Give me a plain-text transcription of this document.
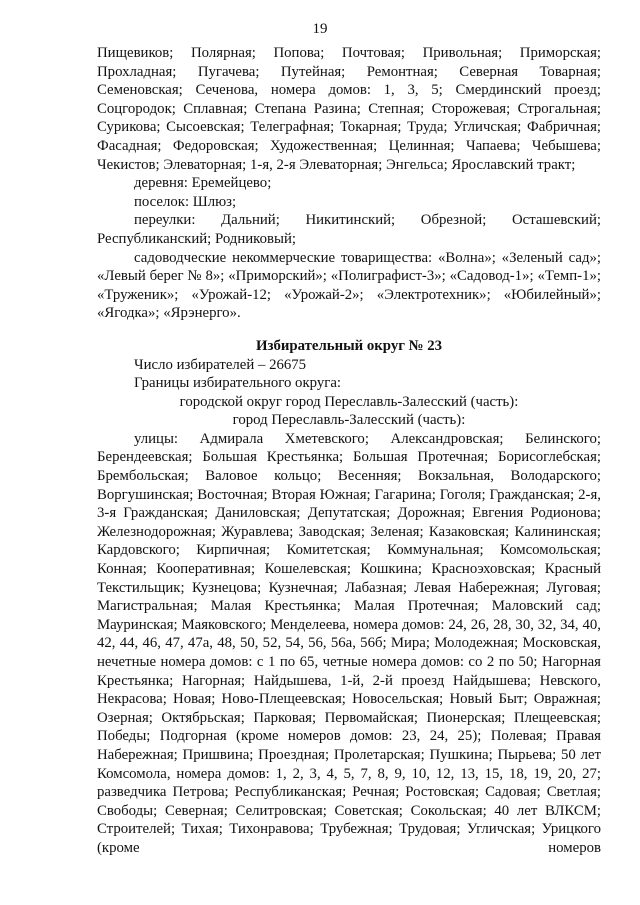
19

Пищевиков; Полярная; Попова; Почтовая; Привольная; Приморская; Прохладная; Пугачева; Путейная; Ремонтная; Северная Товарная; Семеновская; Сеченова, номера домов: 1, 3, 5; Смердинский проезд; Соцгородок; Сплавная; Степана Разина; Степная; Сторожевая; Строгальная; Сурикова; Сысоевская; Телеграфная; Токарная; Труда; Угличская; Фабричная; Фасадная; Федоровская; Художественная; Целинная; Чапаева; Чебышева; Чекистов; Элеваторная; 1-я, 2-я Элеваторная; Энгельса; Ярославский тракт;

деревня: Еремейцево;

поселок: Шлюз;

переулки: Дальний; Никитинский; Обрезной; Осташевский; Республиканский; Родниковый;

садоводческие некоммерческие товарищества: «Волна»; «Зеленый сад»; «Левый берег № 8»; «Приморский»; «Полиграфист-3»; «Садовод-1»; «Темп-1»; «Труженик»; «Урожай-12; «Урожай-2»; «Электротехник»; «Юбилейный»; «Ягодка»; «Ярэнерго».

Избирательный округ № 23

Число избирателей – 26675

Границы избирательного округа:

городской округ город Переславль-Залесский (часть):

город Переславль-Залесский (часть):

улицы: Адмирала Хметевского; Александровская; Белинского; Берендеевская; Большая Крестьянка; Большая Протечная; Борисоглебская; Брембольская; Валовое кольцо; Весенняя; Вокзальная, Володарского; Воргушинская; Восточная; Вторая Южная; Гагарина; Гоголя; Гражданская; 2-я, 3-я Гражданская; Даниловская; Депутатская; Дорожная; Евгения Родионова; Железнодорожная; Журавлева; Заводская; Зеленая; Казаковская; Калининская; Кардовского; Кирпичная; Комитетская; Коммунальная; Комсомольская; Конная; Кооперативная; Кошелевская; Кошкина; Красноэховская; Красный Текстильщик; Кузнецова; Кузнечная; Лабазная; Левая Набережная; Луговая; Магистральная; Малая Крестьянка; Малая Протечная; Маловский сад; Мауринская; Маяковского; Менделеева, номера домов: 24, 26, 28, 30, 32, 34, 40, 42, 44, 46, 47, 47а, 48, 50, 52, 54, 56, 56а, 56б; Мира; Молодежная; Московская, нечетные номера домов: с 1 по 65, четные номера домов: со 2 по 50; Нагорная Крестьянка; Нагорная; Найдышева, 1-й, 2-й проезд Найдышева; Невского, Некрасова; Новая; Ново-Плещеевская; Новосельская; Новый Быт; Овражная; Озерная; Октябрьская; Парковая; Первомайская; Пионерская; Плещеевская; Победы; Подгорная (кроме номеров домов: 23, 24, 25); Полевая; Правая Набережная; Пришвина; Проездная; Пролетарская; Пушкина; Пырьева; 50 лет Комсомола, номера домов: 1, 2, 3, 4, 5, 7, 8, 9, 10, 12, 13, 15, 18, 19, 20, 27; разведчика Петрова; Республиканская; Речная; Ростовская; Садовая; Светлая; Свободы; Северная; Селитровская; Советская; Сокольская; 40 лет ВЛКСМ; Строителей; Тихая; Тихонравова; Трубежная; Трудовая; Угличская; Урицкого (кроме номеров
